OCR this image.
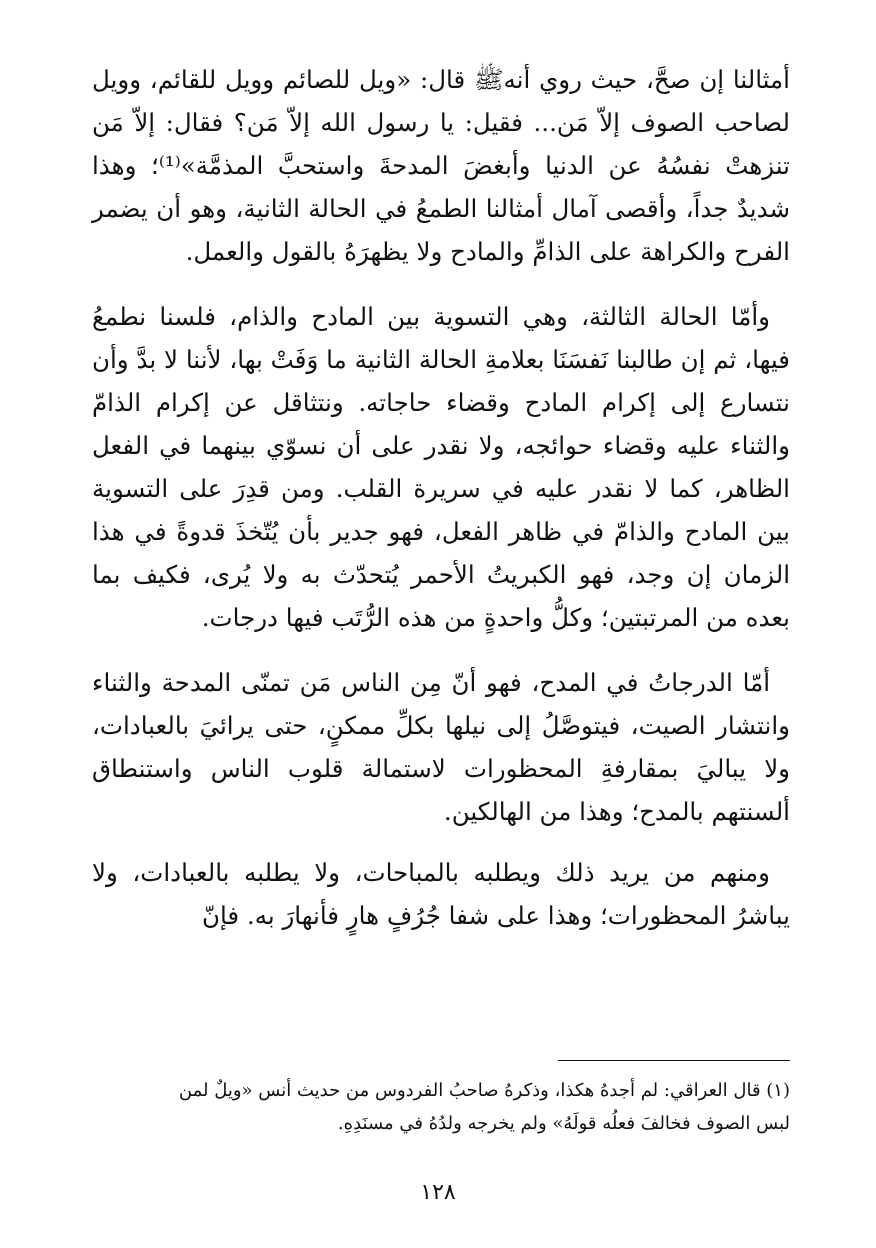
أمثالنا إن صحَّ، حيث روي أنهﷺ قال: «ويل للصائم وويل للقائم، وويل لصاحب الصوف إلاّ مَن... فقيل: يا رسول الله إلاّ مَن؟ فقال: إلاّ مَن تنزهتْ نفسُهُ عن الدنيا وأبغضَ المدحةَ واستحبَّ المذمَّة»⁽¹⁾؛ وهذا شديدٌ جداً، وأقصى آمال أمثالنا الطمعُ في الحالة الثانية، وهو أن يضمر الفرح والكراهة على الذامِّ والمادح ولا يظهرَهُ بالقول والعمل.

وأمّا الحالة الثالثة، وهي التسوية بين المادح والذام، فلسنا نطمعُ فيها، ثم إن طالبنا نَفسَنَا بعلامةِ الحالة الثانية ما وَفَتْ بها، لأننا لا بدَّ وأن نتسارع إلى إكرام المادح وقضاء حاجاته. ونتثاقل عن إكرام الذامّ والثناء عليه وقضاء حوائجه، ولا نقدر على أن نسوّي بينهما في الفعل الظاهر، كما لا نقدر عليه في سريرة القلب. ومن قدِرَ على التسوية بين المادح والذامّ في ظاهر الفعل، فهو جدير بأن يُتّخذَ قدوةً في هذا الزمان إن وجد، فهو الكبريتُ الأحمر يُتحدّث به ولا يُرى، فكيف بما بعده من المرتبتين؛ وكلُّ واحدةٍ من هذه الرُّتَب فيها درجات.

أمّا الدرجاتُ في المدح، فهو أنّ مِن الناس مَن تمنّى المدحة والثناء وانتشار الصيت، فيتوصَّلُ إلى نيلها بكلِّ ممكنٍ، حتى يرائيَ بالعبادات، ولا يباليَ بمقارفةِ المحظورات لاستمالة قلوب الناس واستنطاق ألسنتهم بالمدح؛ وهذا من الهالكين.

ومنهم من يريد ذلك ويطلبه بالمباحات، ولا يطلبه بالعبادات، ولا يباشرُ المحظورات؛ وهذا على شفا جُرُفٍ هارٍ فأنهارَ به. فإنّ

(١) قال العراقي: لم أجدهُ هكذا، وذكرهُ صاحبُ الفردوس من حديث أنس «ويلٌ لمن
لبس الصوف فخالفَ فعلُه قولَهُ» ولم يخرجه ولدُهُ في مسنَدِهِ.
١٢٨
